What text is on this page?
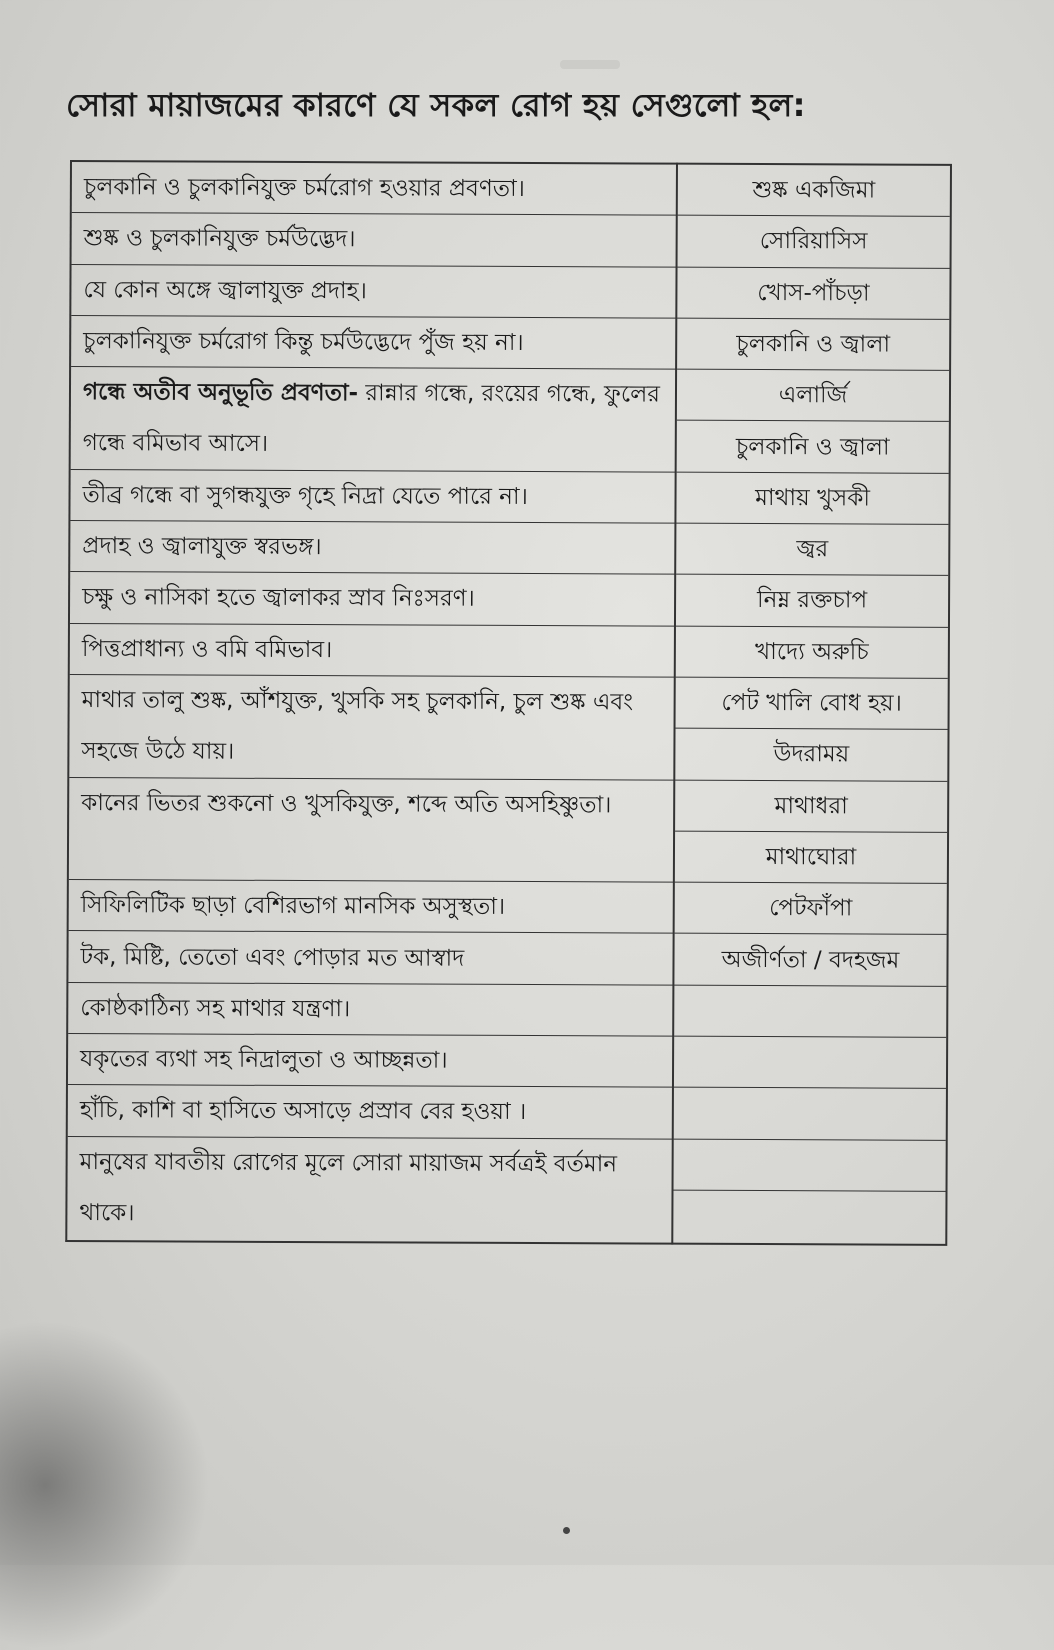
সোরা মায়াজমের কারণে যে সকল রোগ হয় সেগুলো হল:
চুলকানি ও চুলকানিযুক্ত চর্মরোগ হওয়ার প্রবণতা।
শুষ্ক ও চুলকানিযুক্ত চর্মউদ্ভেদ।
যে কোন অঙ্গে জ্বালাযুক্ত প্রদাহ।
চুলকানিযুক্ত চর্মরোগ কিন্তু চর্মউদ্ভেদে পুঁজ হয় না।
গন্ধে অতীব অনুভূতি প্রবণতা- রান্নার গন্ধে, রংয়ের গন্ধে, ফুলের গন্ধে বমিভাব আসে।
তীব্র গন্ধে বা সুগন্ধযুক্ত গৃহে নিদ্রা যেতে পারে না।
প্রদাহ ও জ্বালাযুক্ত স্বরভঙ্গ।
চক্ষু ও নাসিকা হতে জ্বালাকর স্রাব নিঃসরণ।
পিত্তপ্রাধান্য ও বমি বমিভাব।
মাথার তালু শুষ্ক, আঁশযুক্ত, খুসকি সহ চুলকানি, চুল শুষ্ক এবং সহজে উঠে যায়।
কানের ভিতর শুকনো ও খুসকিযুক্ত, শব্দে অতি অসহিষ্ণুতা।
সিফিলিটিক ছাড়া বেশিরভাগ মানসিক অসুস্থতা।
টক, মিষ্টি, তেতো এবং পোড়ার মত আস্বাদ
কোষ্ঠকাঠিন্য সহ মাথার যন্ত্রণা।
যকৃতের ব্যথা সহ নিদ্রালুতা ও আচ্ছন্নতা।
হাঁচি, কাশি বা হাসিতে অসাড়ে প্রস্রাব বের হওয়া ।
মানুষের যাবতীয় রোগের মূলে সোরা মায়াজম সর্বত্রই বর্তমান থাকে।
শুষ্ক একজিমা
সোরিয়াসিস
খোস-পাঁচড়া
চুলকানি ও জ্বালা
এলার্জি
চুলকানি ও জ্বালা
মাথায় খুসকী
জ্বর
নিম্ন রক্তচাপ
খাদ্যে অরুচি
পেট খালি বোধ হয়।
উদরাময়
মাথাধরা
মাথাঘোরা
পেটফাঁপা
অজীর্ণতা / বদহজম
